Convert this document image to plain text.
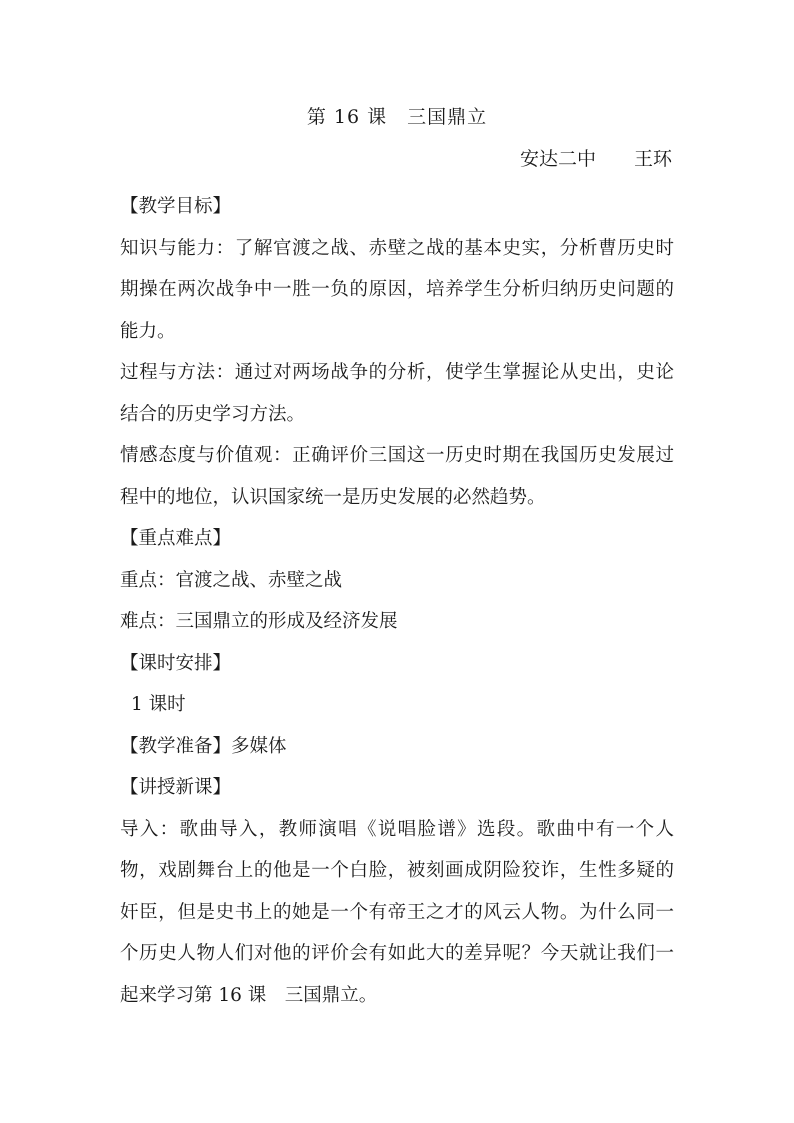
第 16 课　三国鼎立
安达二中　　王环

【教学目标】

知识与能力：了解官渡之战、赤壁之战的基本史实，分析曹历史时期操在两次战争中一胜一负的原因，培养学生分析归纳历史问题的能力。

过程与方法：通过对两场战争的分析，使学生掌握论从史出，史论结合的历史学习方法。

情感态度与价值观：正确评价三国这一历史时期在我国历史发展过程中的地位，认识国家统一是历史发展的必然趋势。

【重点难点】

重点：官渡之战、赤壁之战

难点：三国鼎立的形成及经济发展

【课时安排】

1 课时

【教学准备】多媒体

【讲授新课】

导入：歌曲导入，教师演唱《说唱脸谱》选段。歌曲中有一个人物，戏剧舞台上的他是一个白脸，被刻画成阴险狡诈，生性多疑的奸臣，但是史书上的她是一个有帝王之才的风云人物。为什么同一个历史人物人们对他的评价会有如此大的差异呢？今天就让我们一起来学习第 16 课　三国鼎立。
